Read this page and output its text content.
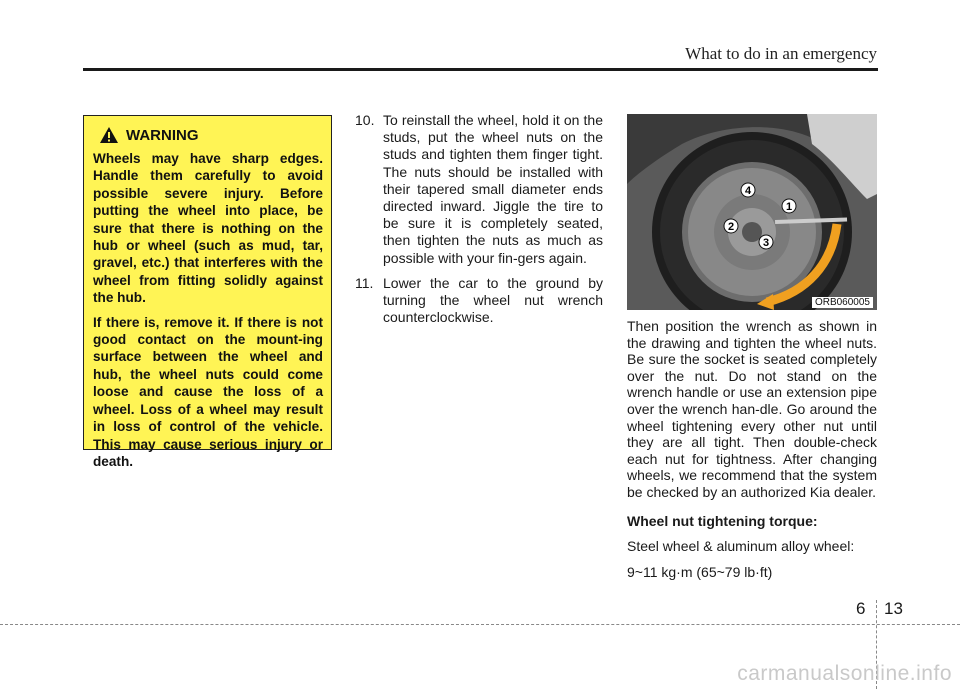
What to do in an emergency
WARNING

Wheels may have sharp edges. Handle them carefully to avoid possible severe injury. Before putting the wheel into place, be sure that there is nothing on the hub or wheel (such as mud, tar, gravel, etc.) that interferes with the wheel from fitting solidly against the hub.

If there is, remove it. If there is not good contact on the mount-ing surface between the wheel and hub, the wheel nuts could come loose and cause the loss of a wheel. Loss of a wheel may result in loss of control of the vehicle. This may cause serious injury or death.

10. To reinstall the wheel, hold it on the studs, put the wheel nuts on the studs and tighten them finger tight. The nuts should be installed with their tapered small diameter ends directed inward. Jiggle the tire to be sure it is completely seated, then tighten the nuts as much as possible with your fin-gers again.
11. Lower the car to the ground by turning the wheel nut wrench counterclockwise.
1
2
3
4
ORB060005

Then position the wrench as shown in the drawing and tighten the wheel nuts. Be sure the socket is seated completely over the nut. Do not stand on the wrench handle or use an extension pipe over the wrench han-dle. Go around the wheel tightening every other nut until they are all tight. Then double-check each nut for tightness. After changing wheels, we recommend that the system be checked by an authorized Kia dealer.

Wheel nut tightening torque:

Steel wheel & aluminum alloy wheel:

9~11 kg·m (65~79 lb·ft)

6 13
carmanualsonline.info
